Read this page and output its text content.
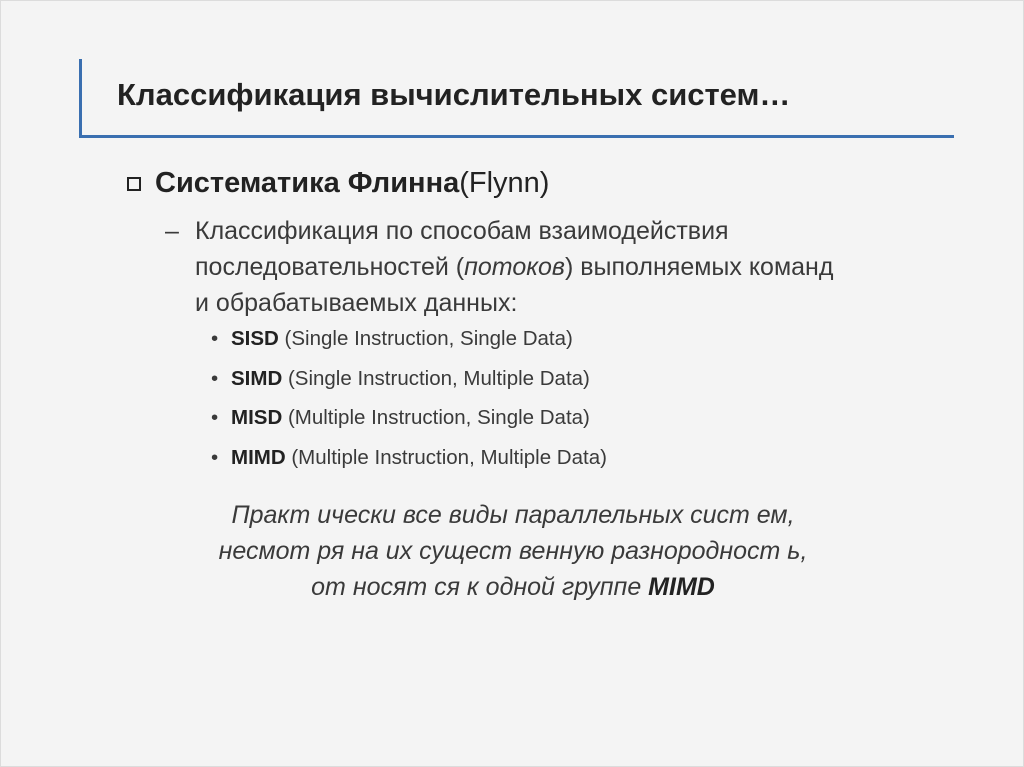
Классификация вычислительных систем…
Систематика Флинна (Flynn)
– Классификация по способам взаимодействия

последовательностей (потоков) выполняемых команд

и обрабатываемых данных:

• SISD (Single Instruction, Single Data)
• SIMD (Single Instruction, Multiple Data)
• MISD (Multiple Instruction, Single Data)
• MIMD (Multiple Instruction, Multiple Data)

Практ ически все виды параллельных сист ем,

несмот ря на их сущест венную разнородност ь,

от носят ся к одной группе MIMD
